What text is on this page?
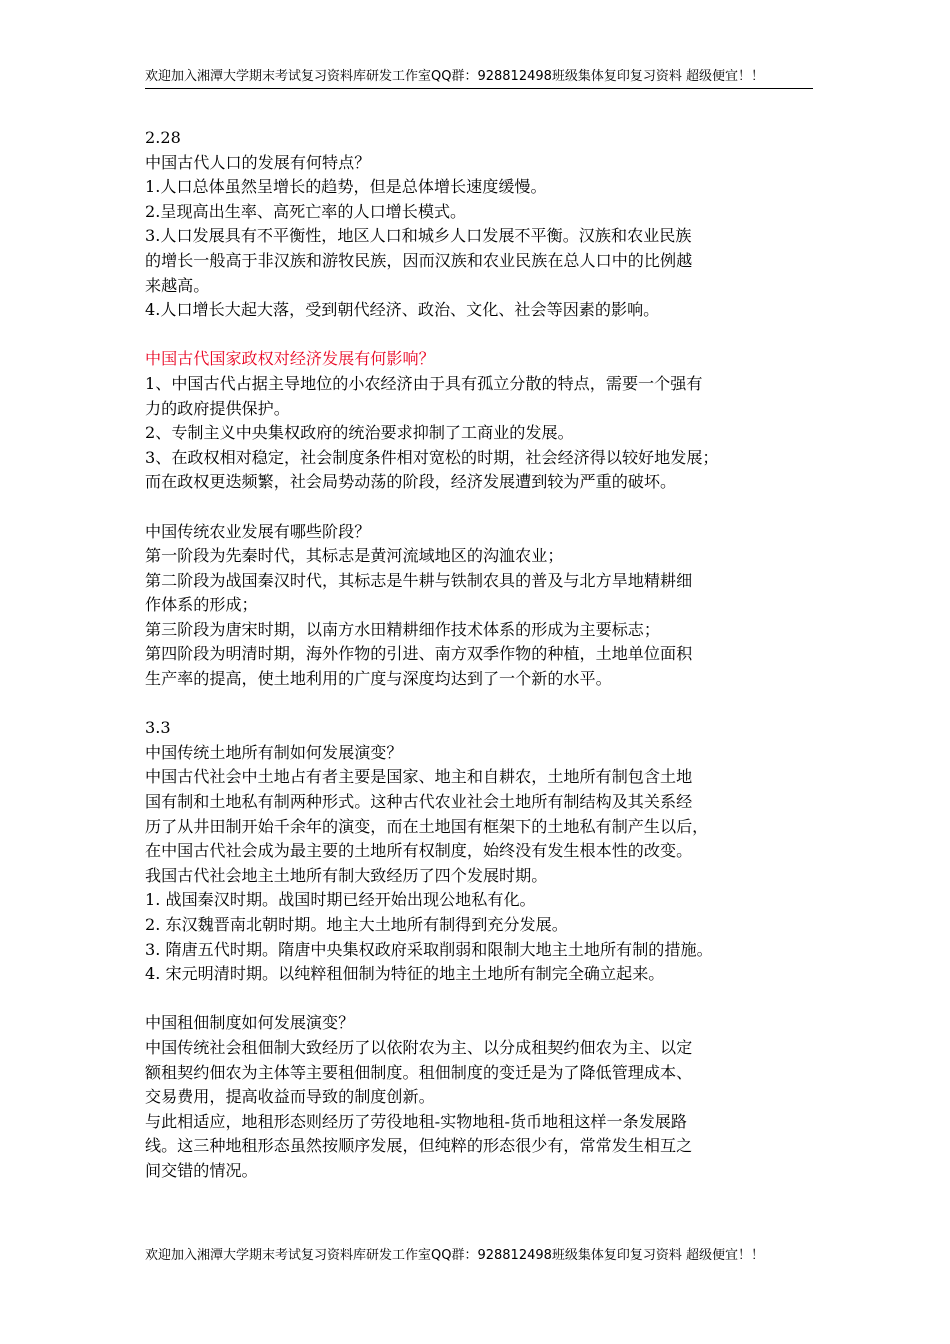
欢迎加入湘潭大学期末考试复习资料库研发工作室QQ群：928812498班级集体复印复习资料 超级便宜！！
2.28
中国古代人口的发展有何特点？
1.人口总体虽然呈增长的趋势，但是总体增长速度缓慢。
2.呈现高出生率、高死亡率的人口增长模式。
3.人口发展具有不平衡性，地区人口和城乡人口发展不平衡。汉族和农业民族
的增长一般高于非汉族和游牧民族，因而汉族和农业民族在总人口中的比例越
来越高。
4.人口增长大起大落，受到朝代经济、政治、文化、社会等因素的影响。
中国古代国家政权对经济发展有何影响？
1、中国古代占据主导地位的小农经济由于具有孤立分散的特点，需要一个强有
力的政府提供保护。
2、专制主义中央集权政府的统治要求抑制了工商业的发展。
3、在政权相对稳定，社会制度条件相对宽松的时期，社会经济得以较好地发展；
而在政权更迭频繁，社会局势动荡的阶段，经济发展遭到较为严重的破坏。
中国传统农业发展有哪些阶段？
第一阶段为先秦时代，其标志是黄河流域地区的沟洫农业；
第二阶段为战国秦汉时代，其标志是牛耕与铁制农具的普及与北方旱地精耕细
作体系的形成；
第三阶段为唐宋时期，以南方水田精耕细作技术体系的形成为主要标志；
第四阶段为明清时期，海外作物的引进、南方双季作物的种植，土地单位面积
生产率的提高，使土地利用的广度与深度均达到了一个新的水平。
3.3
中国传统土地所有制如何发展演变？
中国古代社会中土地占有者主要是国家、地主和自耕农，土地所有制包含土地
国有制和土地私有制两种形式。这种古代农业社会土地所有制结构及其关系经
历了从井田制开始千余年的演变，而在土地国有框架下的土地私有制产生以后，
在中国古代社会成为最主要的土地所有权制度，始终没有发生根本性的改变。
我国古代社会地主土地所有制大致经历了四个发展时期。
1. 战国秦汉时期。战国时期已经开始出现公地私有化。
2. 东汉魏晋南北朝时期。地主大土地所有制得到充分发展。
3. 隋唐五代时期。隋唐中央集权政府采取削弱和限制大地主土地所有制的措施。
4. 宋元明清时期。以纯粹租佃制为特征的地主土地所有制完全确立起来。
中国租佃制度如何发展演变？
中国传统社会租佃制大致经历了以依附农为主、以分成租契约佃农为主、以定
额租契约佃农为主体等主要租佃制度。租佃制度的变迁是为了降低管理成本、
交易费用，提高收益而导致的制度创新。
与此相适应，地租形态则经历了劳役地租-实物地租-货币地租这样一条发展路
线。这三种地租形态虽然按顺序发展，但纯粹的形态很少有，常常发生相互之
间交错的情况。
欢迎加入湘潭大学期末考试复习资料库研发工作室QQ群：928812498班级集体复印复习资料 超级便宜！！
